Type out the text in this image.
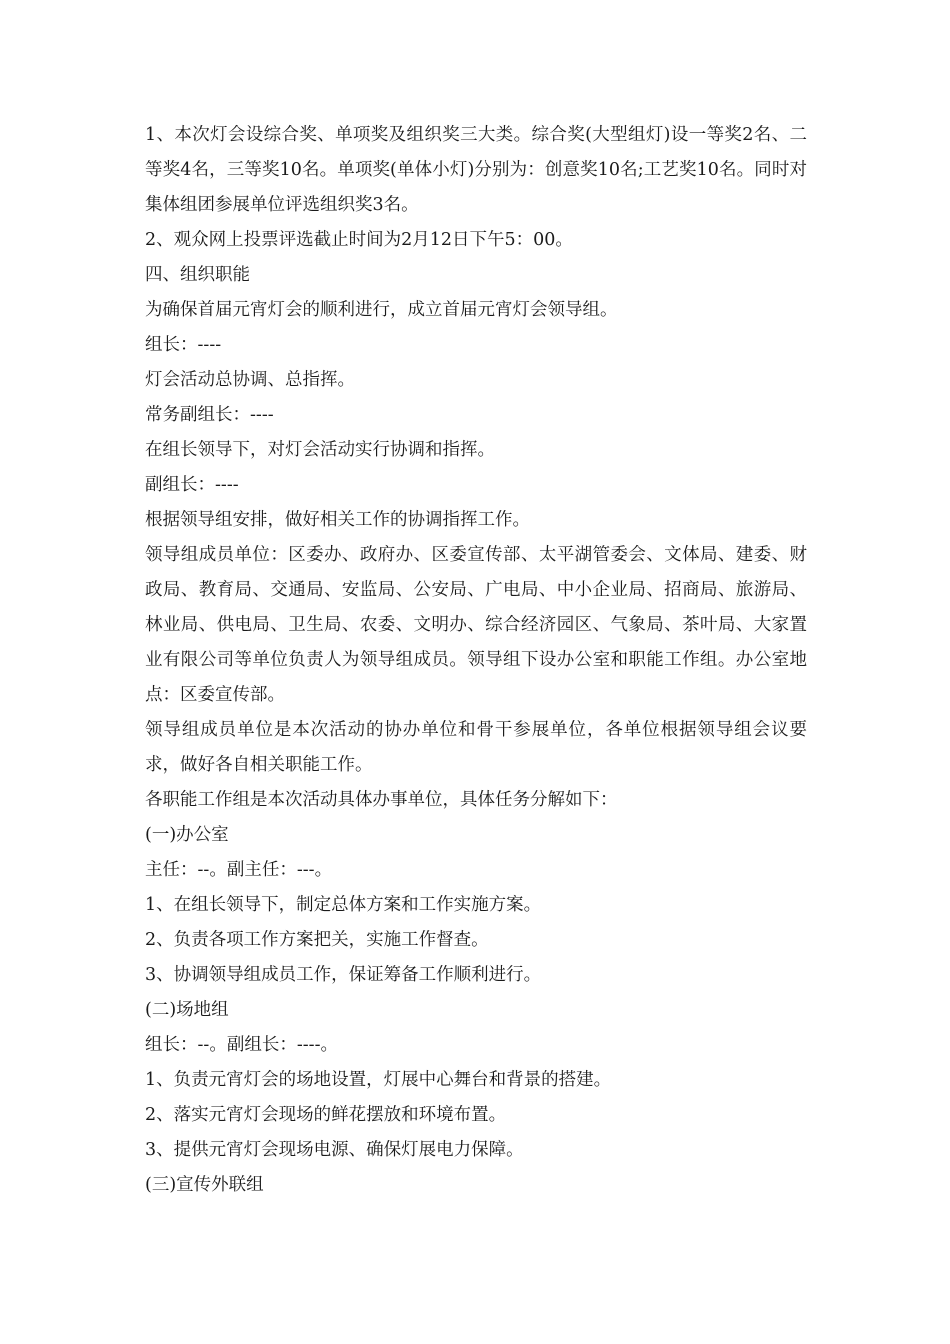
1、本次灯会设综合奖、单项奖及组织奖三大类。综合奖(大型组灯)设一等奖2名、二等奖4名，三等奖10名。单项奖(单体小灯)分别为：创意奖10名;工艺奖10名。同时对集体组团参展单位评选组织奖3名。

2、观众网上投票评选截止时间为2月12日下午5：00。

四、组织职能

为确保首届元宵灯会的顺利进行，成立首届元宵灯会领导组。

组长：----

灯会活动总协调、总指挥。

常务副组长：----

在组长领导下，对灯会活动实行协调和指挥。

副组长：----

根据领导组安排，做好相关工作的协调指挥工作。

领导组成员单位：区委办、政府办、区委宣传部、太平湖管委会、文体局、建委、财政局、教育局、交通局、安监局、公安局、广电局、中小企业局、招商局、旅游局、林业局、供电局、卫生局、农委、文明办、综合经济园区、气象局、茶叶局、大家置业有限公司等单位负责人为领导组成员。领导组下设办公室和职能工作组。办公室地点：区委宣传部。

领导组成员单位是本次活动的协办单位和骨干参展单位，各单位根据领导组会议要求，做好各自相关职能工作。

各职能工作组是本次活动具体办事单位，具体任务分解如下：

(一)办公室

主任：--。副主任：---。

1、在组长领导下，制定总体方案和工作实施方案。

2、负责各项工作方案把关，实施工作督查。

3、协调领导组成员工作，保证筹备工作顺利进行。

(二)场地组

组长：--。副组长：----。

1、负责元宵灯会的场地设置，灯展中心舞台和背景的搭建。

2、落实元宵灯会现场的鲜花摆放和环境布置。

3、提供元宵灯会现场电源、确保灯展电力保障。

(三)宣传外联组
